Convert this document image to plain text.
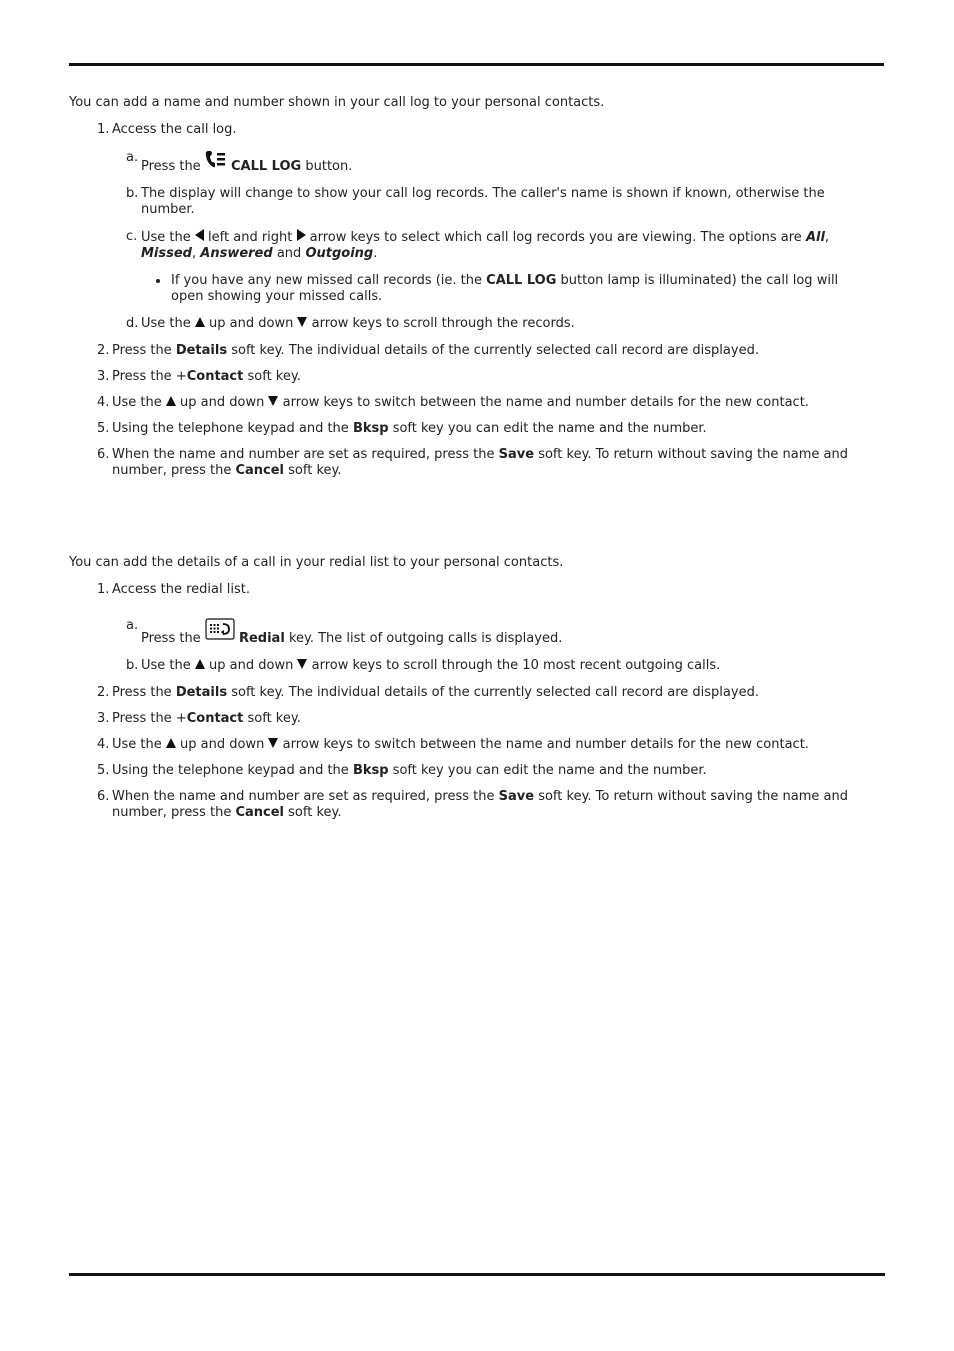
You can add a name and number shown in your call log to your personal contacts.

1. Access the call log.
a.
Press the CALL LOG button.
b. The display will change to show your call log records. The caller's name is shown if known, otherwise the number.
c. Use the left and right arrow keys to select which call log records you are viewing. The options are All, Missed, Answered and Outgoing.
If you have any new missed call records (ie. the CALL LOG button lamp is illuminated) the call log will open showing your missed calls.
d. Use the up and down arrow keys to scroll through the records.
2. Press the Details soft key. The individual details of the currently selected call record are displayed.
3. Press the +Contact soft key.
4. Use the up and down arrow keys to switch between the name and number details for the new contact.
5. Using the telephone keypad and the Bksp soft key you can edit the name and the number.
6. When the name and number are set as required, press the Save soft key. To return without saving the name and number, press the Cancel soft key.

You can add the details of a call in your redial list to your personal contacts.

1. Access the redial list.
a.
Press the	Redial key. The list of outgoing calls is displayed.
b. Use the up and down arrow keys to scroll through the 10 most recent outgoing calls.
2. Press the Details soft key. The individual details of the currently selected call record are displayed.
3. Press the +Contact soft key.
4. Use the up and down arrow keys to switch between the name and number details for the new contact.
5. Using the telephone keypad and the Bksp soft key you can edit the name and the number.
6. When the name and number are set as required, press the Save soft key. To return without saving the name and number, press the Cancel soft key.
